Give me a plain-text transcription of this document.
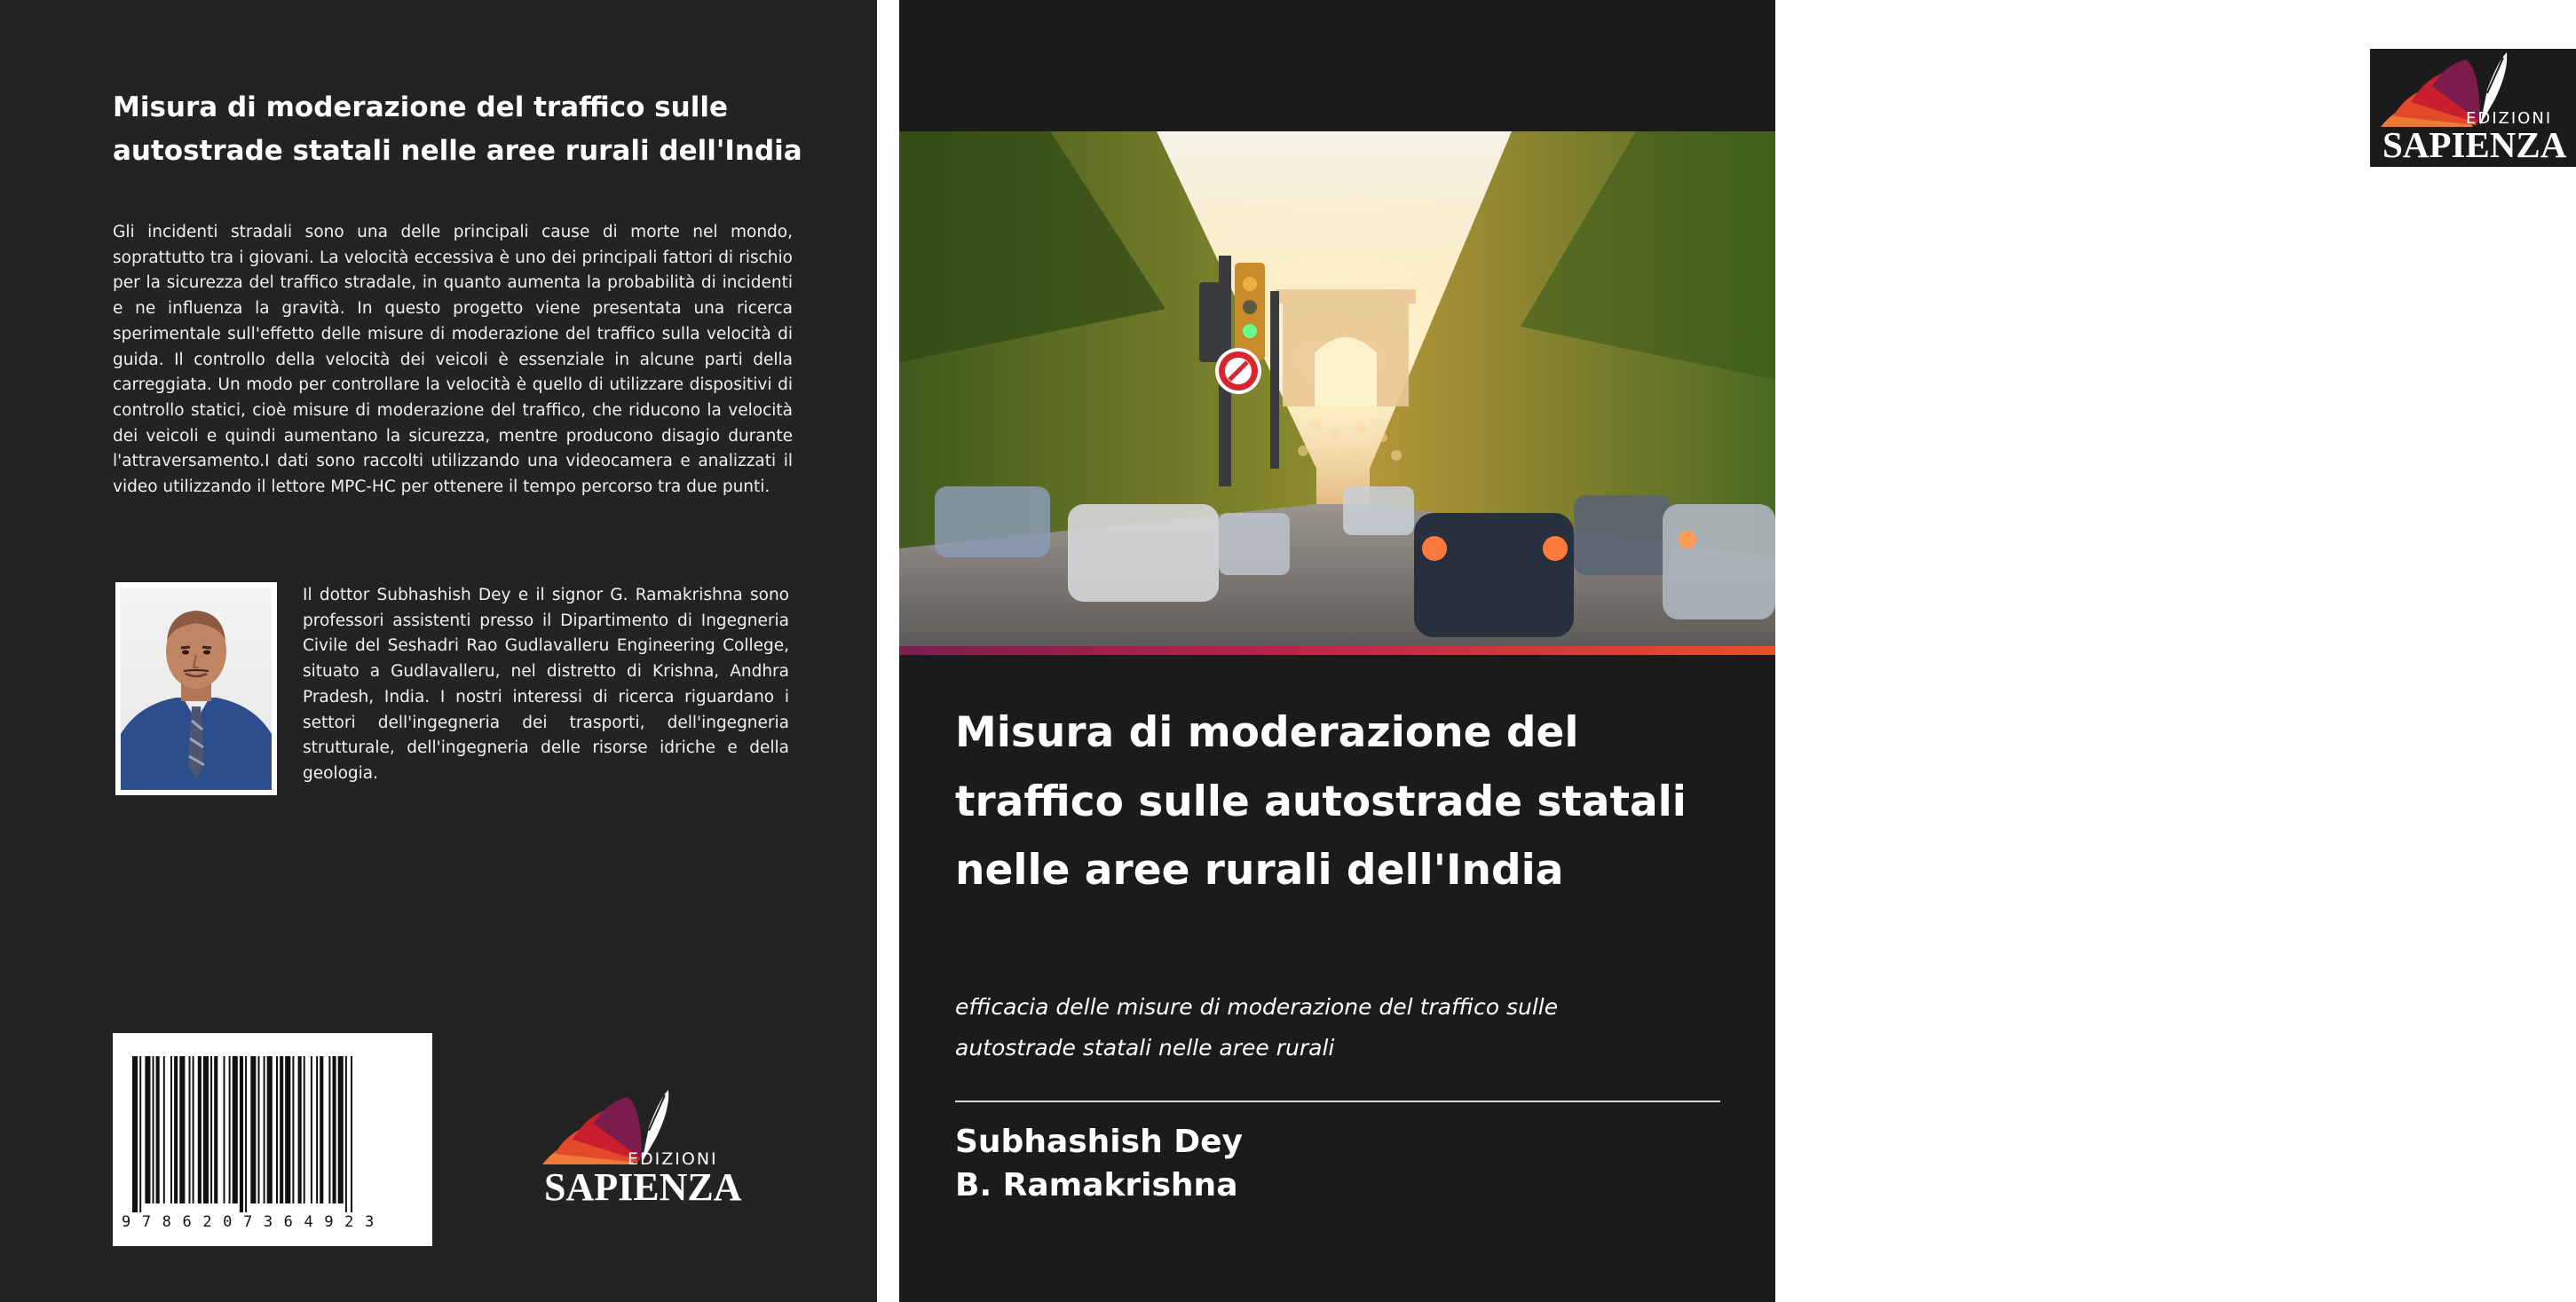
Misura di moderazione del traffico sulle autostrade statali nelle aree rurali dell'India

Gli incidenti stradali sono una delle principali cause di morte nel mondo, soprattutto tra i giovani. La velocità eccessiva è uno dei principali fattori di rischio per la sicurezza del traffico stradale, in quanto aumenta la probabilità di incidenti e ne influenza la gravità. In questo progetto viene presentata una ricerca sperimentale sull'effetto delle misure di moderazione del traffico sulla velocità di guida. Il controllo della velocità dei veicoli è essenziale in alcune parti della carreggiata. Un modo per controllare la velocità è quello di utilizzare dispositivi di controllo statici, cioè misure di moderazione del traffico, che riducono la velocità dei veicoli e quindi aumentano la sicurezza, mentre producono disagio durante l'attraversamento.I dati sono raccolti utilizzando una videocamera e analizzati il video utilizzando il lettore MPC-HC per ottenere il tempo percorso tra due punti.

Il dottor Subhashish Dey e il signor G. Ramakrishna sono professori assistenti presso il Dipartimento di Ingegneria Civile del Seshadri Rao Gudlavalleru Engineering College, situato a Gudlavalleru, nel distretto di Krishna, Andhra Pradesh, India. I nostri interessi di ricerca riguardano i settori dell'ingegneria dei trasporti, dell'ingegneria strutturale, dell'ingegneria delle risorse idriche e della geologia.

9786207364923
EDIZIONI
SAPIENZA
EDIZIONI
SAPIENZA
Misura di moderazione del traffico sulle autostrade statali nelle aree rurali dell'India

efficacia delle misure di moderazione del traffico sulle autostrade statali nelle aree rurali

Subhashish Dey
B. Ramakrishna
